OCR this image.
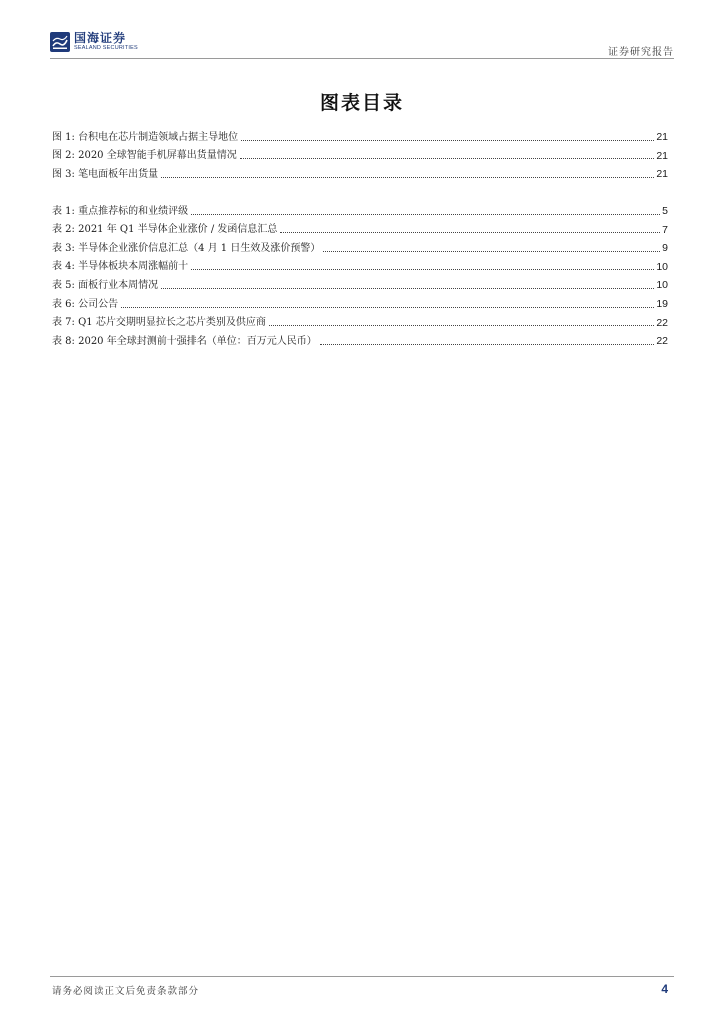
国海证券
SEALAND SECURITIES	证券研究报告
图表目录
图 1: 台积电在芯片制造领域占据主导地位	21
图 2: 2020 全球智能手机屏幕出货量情况	21
图 3: 笔电面板年出货量	21
表 1: 重点推荐标的和业绩评级	5
表 2: 2021 年 Q1 半导体企业涨价 / 发函信息汇总	7
表 3: 半导体企业涨价信息汇总（4 月 1 日生效及涨价预警）	9
表 4: 半导体板块本周涨幅前十	10
表 5: 面板行业本周情况	10
表 6: 公司公告	19
表 7: Q1 芯片交期明显拉长之芯片类别及供应商	22
表 8: 2020 年全球封测前十强排名（单位：百万元人民币）	22
请务必阅读正文后免责条款部分	4
